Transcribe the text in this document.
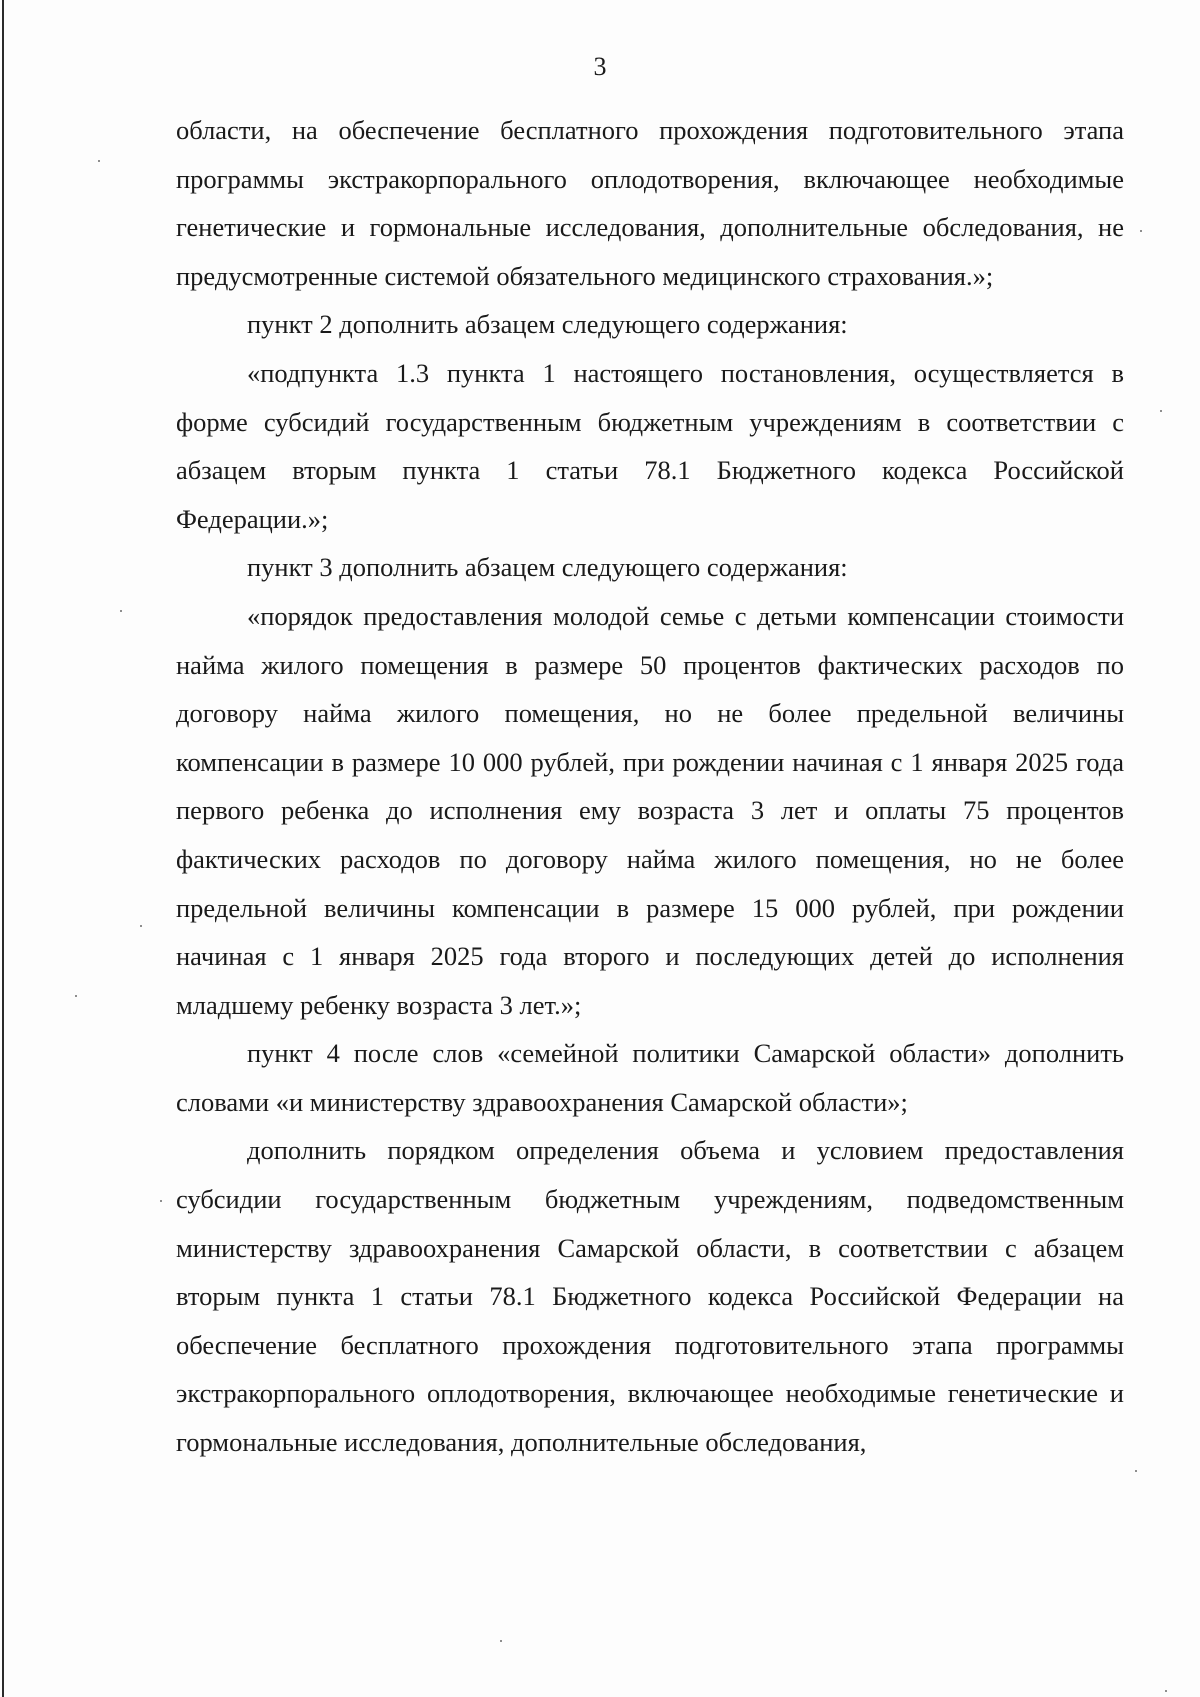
3

области, на обеспечение бесплатного прохождения подготовительного этапа программы экстракорпорального оплодотворения, включающее необходимые генетические и гормональные исследования, дополнительные обследования, не предусмотренные системой обязательного медицинского страхования.»;

пункт 2 дополнить абзацем следующего содержания:

«подпункта 1.3 пункта 1 настоящего постановления, осуществляется в форме субсидий государственным бюджетным учреждениям в соответствии с абзацем вторым пункта 1 статьи 78.1 Бюджетного кодекса Российской Федерации.»;

пункт 3 дополнить абзацем следующего содержания:

«порядок предоставления молодой семье с детьми компенсации стоимости найма жилого помещения в размере 50 процентов фактических расходов по договору найма жилого помещения, но не более предельной величины компенсации в размере 10 000 рублей, при рождении начиная с 1 января 2025 года первого ребенка до исполнения ему возраста 3 лет и оплаты 75 процентов фактических расходов по договору найма жилого помещения, но не более предельной величины компенсации в размере 15 000 рублей, при рождении начиная с 1 января 2025 года второго и последующих детей до исполнения младшему ребенку возраста 3 лет.»;

пункт 4 после слов «семейной политики Самарской области» дополнить словами «и министерству здравоохранения Самарской области»;

дополнить порядком определения объема и условием предоставления субсидии государственным бюджетным учреждениям, подведомственным министерству здравоохранения Самарской области, в соответствии с абзацем вторым пункта 1 статьи 78.1 Бюджетного кодекса Российской Федерации на обеспечение бесплатного прохождения подготовительного этапа программы экстракорпорального оплодотворения, включающее необходимые генетические и гормональные исследования, дополнительные обследования,
